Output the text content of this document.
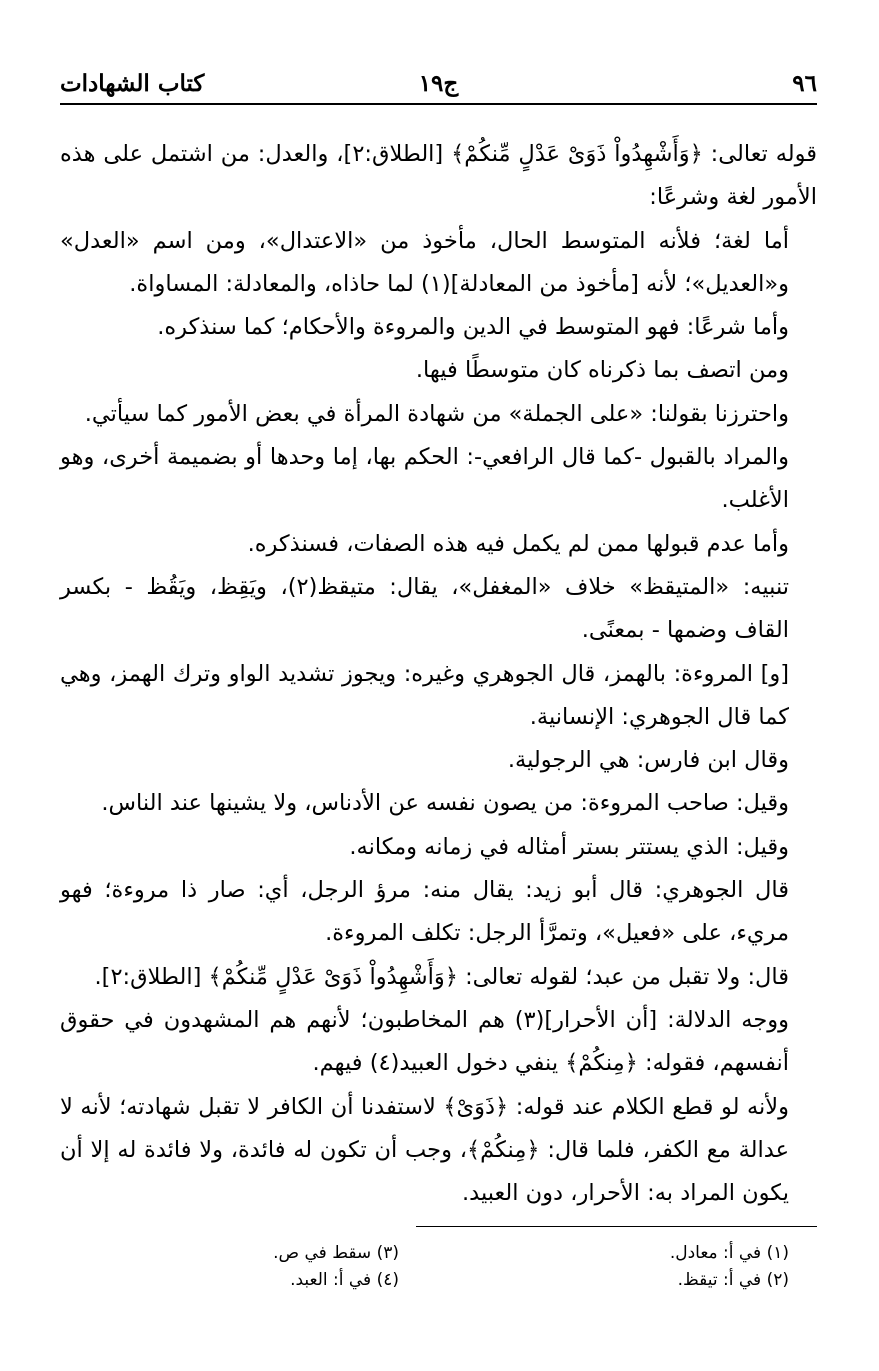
٩٦
ج١٩
كتاب الشهادات

قوله تعالى: ﴿وَأَشْهِدُواْ ذَوَىْ عَدْلٍ مِّنكُمْ﴾ [الطلاق:٢]، والعدل: من اشتمل على هذه الأمور لغة وشرعًا:

أما لغة؛ فلأنه المتوسط الحال، مأخوذ من «الاعتدال»، ومن اسم «العدل» و«العديل»؛ لأنه [مأخوذ من المعادلة](١) لما حاذاه، والمعادلة: المساواة.

وأما شرعًا: فهو المتوسط في الدين والمروءة والأحكام؛ كما سنذكره.

ومن اتصف بما ذكرناه كان متوسطًا فيها.

واحترزنا بقولنا: «على الجملة» من شهادة المرأة في بعض الأمور كما سيأتي.

والمراد بالقبول -كما قال الرافعي-: الحكم بها، إما وحدها أو بضميمة أخرى، وهو الأغلب.

وأما عدم قبولها ممن لم يكمل فيه هذه الصفات، فسنذكره.

تنبيه: «المتيقظ» خلاف «المغفل»، يقال: متيقظ(٢)، ويَقِظ، ويَقُظ - بكسر القاف وضمها - بمعنًى.

[و] المروءة: بالهمز، قال الجوهري وغيره: ويجوز تشديد الواو وترك الهمز، وهي كما قال الجوهري: الإنسانية.

وقال ابن فارس: هي الرجولية.

وقيل: صاحب المروءة: من يصون نفسه عن الأدناس، ولا يشينها عند الناس.

وقيل: الذي يستتر بستر أمثاله في زمانه ومكانه.

قال الجوهري: قال أبو زيد: يقال منه: مرؤ الرجل، أي: صار ذا مروءة؛ فهو مريء، على «فعيل»، وتمرَّأ الرجل: تكلف المروءة.

قال: ولا تقبل من عبد؛ لقوله تعالى: ﴿وَأَشْهِدُواْ ذَوَىْ عَدْلٍ مِّنكُمْ﴾ [الطلاق:٢].

ووجه الدلالة: [أن الأحرار](٣) هم المخاطبون؛ لأنهم هم المشهدون في حقوق أنفسهم، فقوله: ﴿مِنكُمْ﴾ ينفي دخول العبيد(٤) فيهم.

ولأنه لو قطع الكلام عند قوله: ﴿ذَوَىْ﴾ لاستفدنا أن الكافر لا تقبل شهادته؛ لأنه لا عدالة مع الكفر، فلما قال: ﴿مِنكُمْ﴾، وجب أن تكون له فائدة، ولا فائدة له إلا أن يكون المراد به: الأحرار، دون العبيد.

(١) في أ: معادل.
(٢) في أ: تيقظ.
(٣) سقط في ص.
(٤) في أ: العبد.
